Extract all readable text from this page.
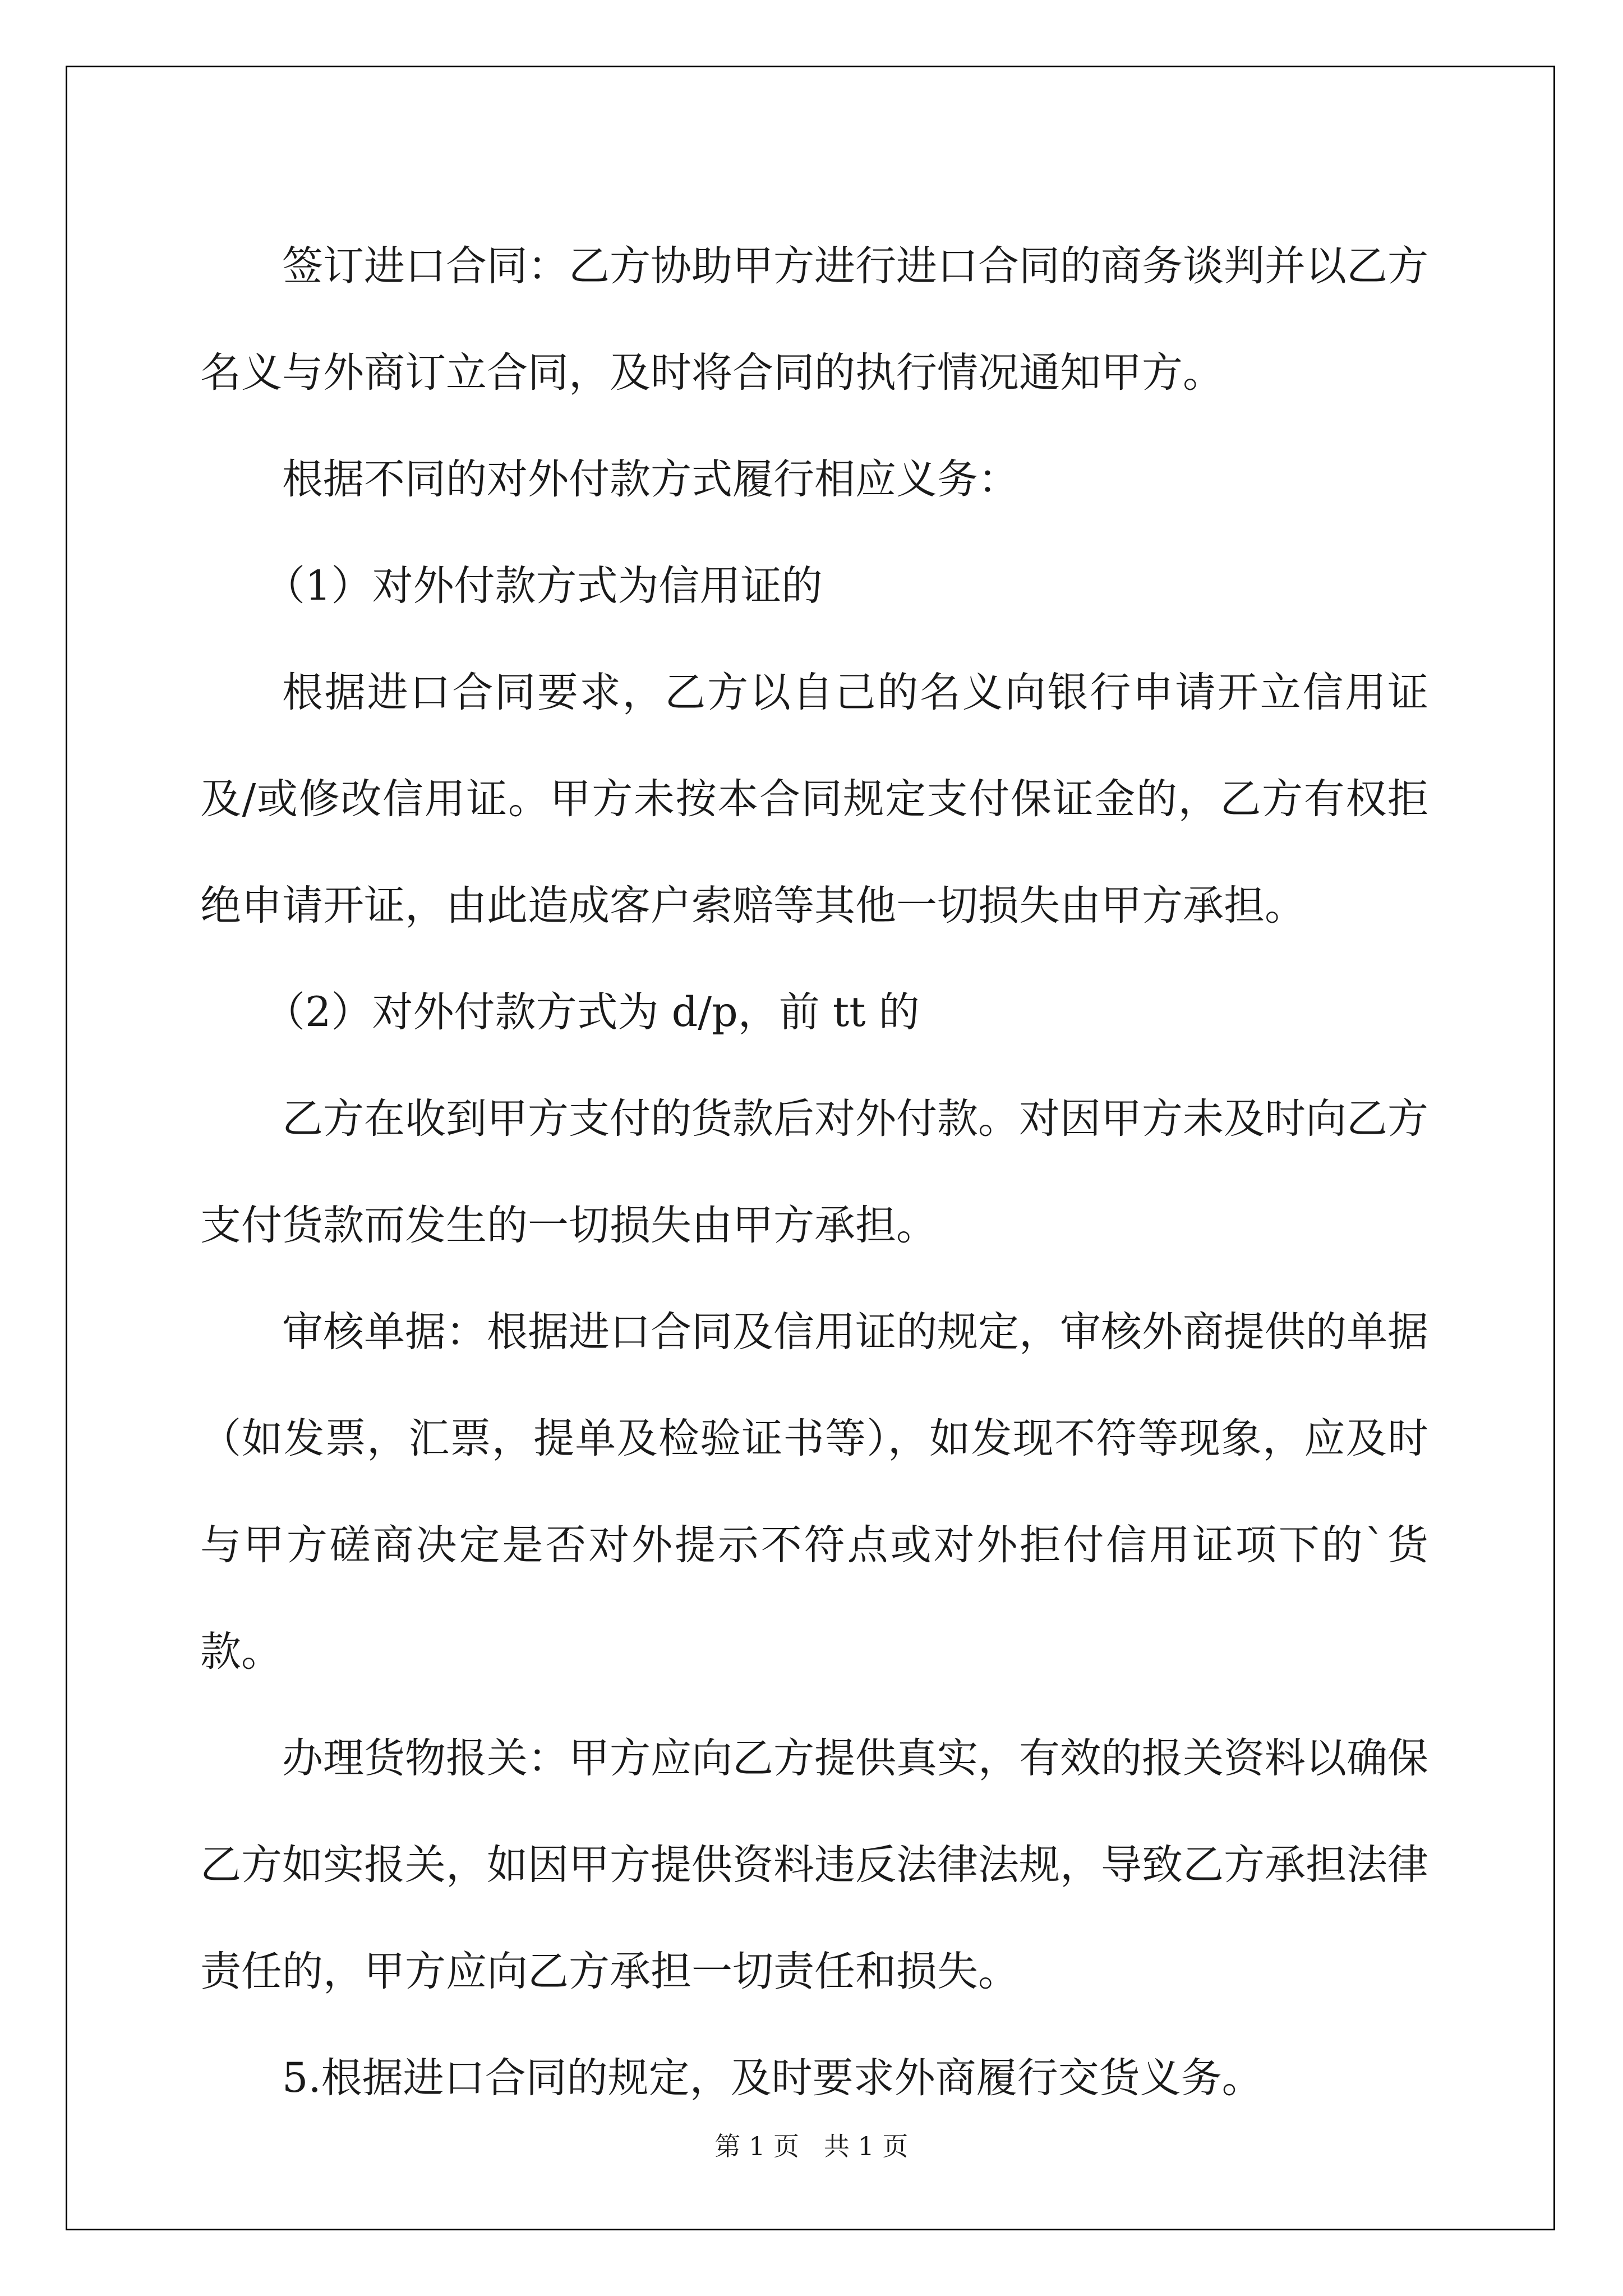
签订进口合同：乙方协助甲方进行进口合同的商务谈判并以乙方名义与外商订立合同，及时将合同的执行情况通知甲方。

根据不同的对外付款方式履行相应义务：

（1）对外付款方式为信用证的

根据进口合同要求，乙方以自己的名义向银行申请开立信用证及/或修改信用证。甲方未按本合同规定支付保证金的，乙方有权拒绝申请开证，由此造成客户索赔等其他一切损失由甲方承担。

（2）对外付款方式为 d/p，前 tt 的

乙方在收到甲方支付的货款后对外付款。对因甲方未及时向乙方支付货款而发生的一切损失由甲方承担。

审核单据：根据进口合同及信用证的规定，审核外商提供的单据（如发票，汇票，提单及检验证书等），如发现不符等现象，应及时与甲方磋商决定是否对外提示不符点或对外拒付信用证项下的`货款。

办理货物报关：甲方应向乙方提供真实，有效的报关资料以确保乙方如实报关，如因甲方提供资料违反法律法规，导致乙方承担法律责任的，甲方应向乙方承担一切责任和损失。

5.根据进口合同的规定，及时要求外商履行交货义务。

第 1 页   共 1 页
